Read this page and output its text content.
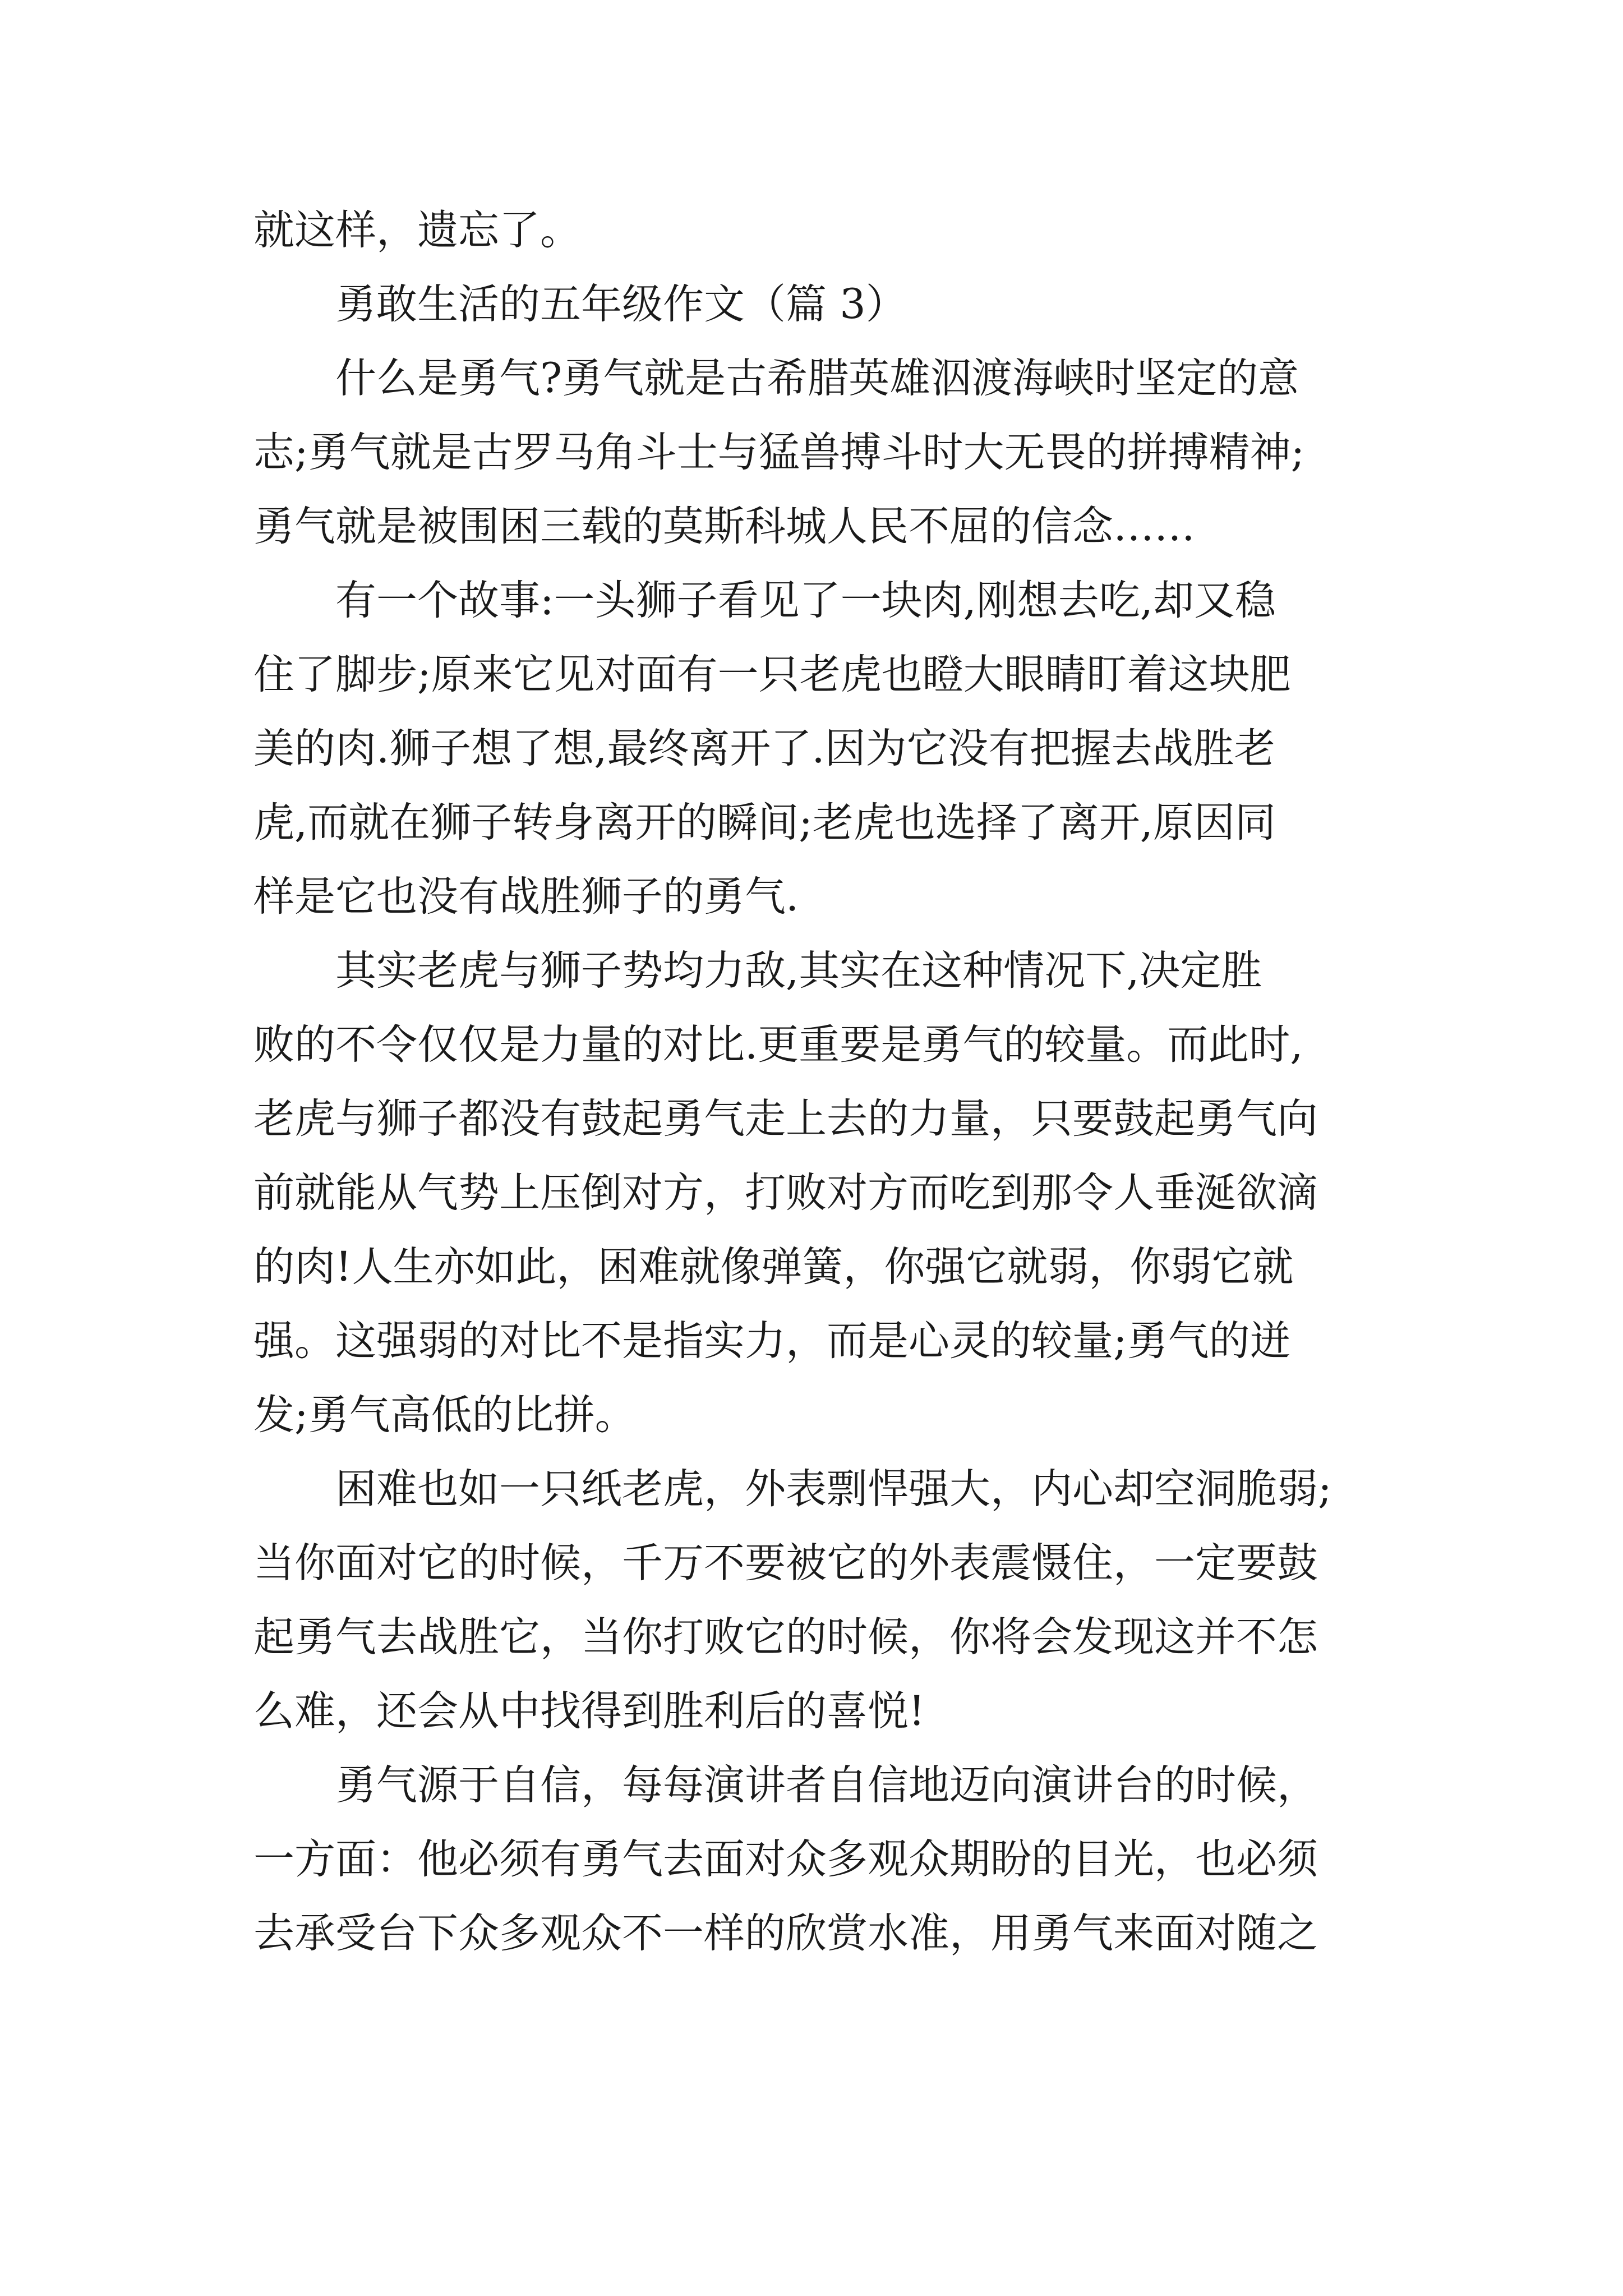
就这样，遗忘了。
勇敢生活的五年级作文（篇 3）
什么是勇气?勇气就是古希腊英雄泅渡海峡时坚定的意
志;勇气就是古罗马角斗士与猛兽搏斗时大无畏的拼搏精神;
勇气就是被围困三载的莫斯科城人民不屈的信念……
有一个故事:一头狮子看见了一块肉,刚想去吃,却又稳
住了脚步;原来它见对面有一只老虎也瞪大眼睛盯着这块肥
美的肉.狮子想了想,最终离开了.因为它没有把握去战胜老
虎,而就在狮子转身离开的瞬间;老虎也选择了离开,原因同
样是它也没有战胜狮子的勇气.
其实老虎与狮子势均力敌,其实在这种情况下,决定胜
败的不令仅仅是力量的对比.更重要是勇气的较量。而此时,
老虎与狮子都没有鼓起勇气走上去的力量，只要鼓起勇气向
前就能从气势上压倒对方，打败对方而吃到那令人垂涎欲滴
的肉!人生亦如此，困难就像弹簧，你强它就弱，你弱它就
强。这强弱的对比不是指实力，而是心灵的较量;勇气的迸
发;勇气高低的比拼。
困难也如一只纸老虎，外表剽悍强大，内心却空洞脆弱;
当你面对它的时候，千万不要被它的外表震慑住，一定要鼓
起勇气去战胜它，当你打败它的时候，你将会发现这并不怎
么难，还会从中找得到胜利后的喜悦!
勇气源于自信，每每演讲者自信地迈向演讲台的时候，
一方面：他必须有勇气去面对众多观众期盼的目光，也必须
去承受台下众多观众不一样的欣赏水准，用勇气来面对随之
